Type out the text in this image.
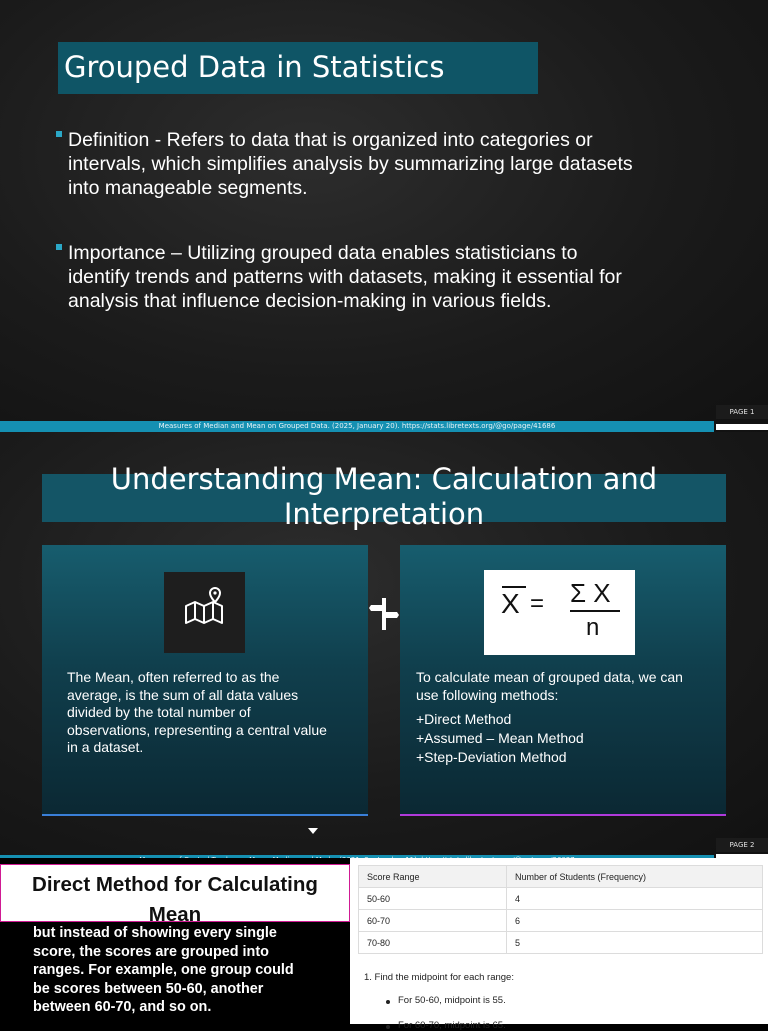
Grouped Data in Statistics
Definition - Refers to data that is organized into categories or
intervals, which simplifies analysis by summarizing large datasets
into manageable segments.
Importance – Utilizing grouped data enables statisticians to
identify trends and patterns with datasets, making it essential for
analysis that influence decision-making in various fields.
PAGE 1
Measures of Median and Mean on Grouped Data. (2025, January 20). https://stats.libretexts.org/@go/page/41686
Understanding Mean: Calculation and
Interpretation
The Mean, often referred to as the
average, is the sum of all data values
divided by the total number of
observations, representing a central value
in a dataset.
X = Σ X
n
To calculate mean of grouped data, we can
use following methods:
+Direct Method
+Assumed – Mean Method
+Step-Deviation Method
PAGE 2
but instead of showing every single
score, the scores are grouped into
ranges. For example, one group could
be scores between 50-60, another
between 60-70, and so on.
Direct Method for Calculating
Mean
Score Range	Number of Students (Frequency)
50-60	4
60-70	6
70-80	5
1. Find the midpoint for each range:
For 50-60, midpoint is 55.
For 60-70, midpoint is 65.
